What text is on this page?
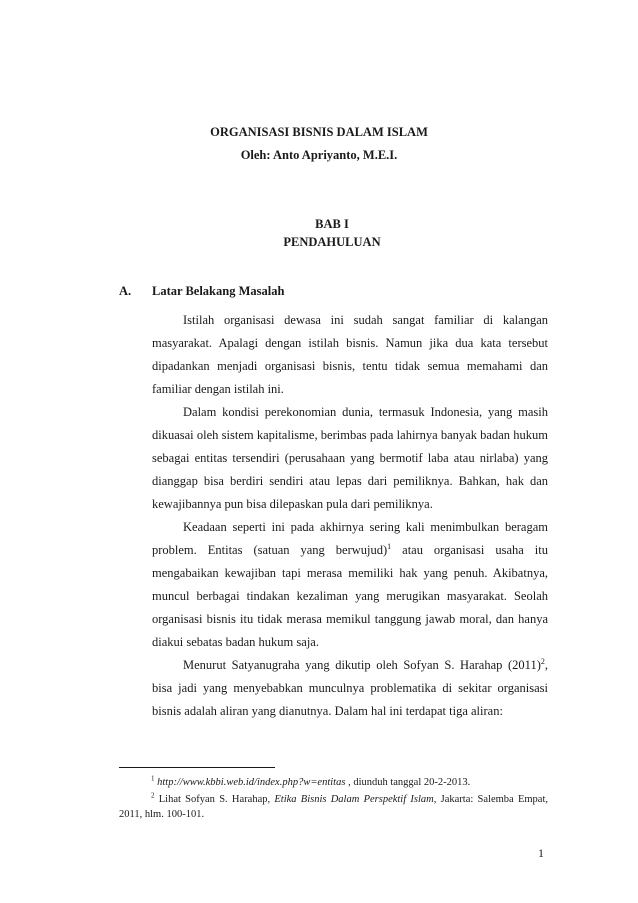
ORGANISASI BISNIS DALAM ISLAM
Oleh: Anto Apriyanto, M.E.I.
BAB I
PENDAHULUAN
A. Latar Belakang Masalah

Istilah organisasi dewasa ini sudah sangat familiar di kalangan masyarakat. Apalagi dengan istilah bisnis. Namun jika dua kata tersebut dipadankan menjadi organisasi bisnis, tentu tidak semua memahami dan familiar dengan istilah ini.

Dalam kondisi perekonomian dunia, termasuk Indonesia, yang masih dikuasai oleh sistem kapitalisme, berimbas pada lahirnya banyak badan hukum sebagai entitas tersendiri (perusahaan yang bermotif laba atau nirlaba) yang dianggap bisa berdiri sendiri atau lepas dari pemiliknya. Bahkan, hak dan kewajibannya pun bisa dilepaskan pula dari pemiliknya.

Keadaan seperti ini pada akhirnya sering kali menimbulkan beragam problem. Entitas (satuan yang berwujud)$^1$ atau organisasi usaha itu mengabaikan kewajiban tapi merasa memiliki hak yang penuh. Akibatnya, muncul berbagai tindakan kezaliman yang merugikan masyarakat. Seolah organisasi bisnis itu tidak merasa memikul tanggung jawab moral, dan hanya diakui sebatas badan hukum saja.

Menurut Satyanugraha yang dikutip oleh Sofyan S. Harahap $(2011)^2$, bisa jadi yang menyebabkan munculnya problematika di sekitar organisasi bisnis adalah aliran yang dianutnya. Dalam hal ini terdapat tiga aliran:

$^1$ http://www.kbbi.web.id/index.php?w=entitas , diunduh tanggal 20-2-2013.
$^2$ Lihat Sofyan S. Harahap, Etika Bisnis Dalam Perspektif Islam, Jakarta: Salemba Empat, 2011, hlm. 100-101.
1
